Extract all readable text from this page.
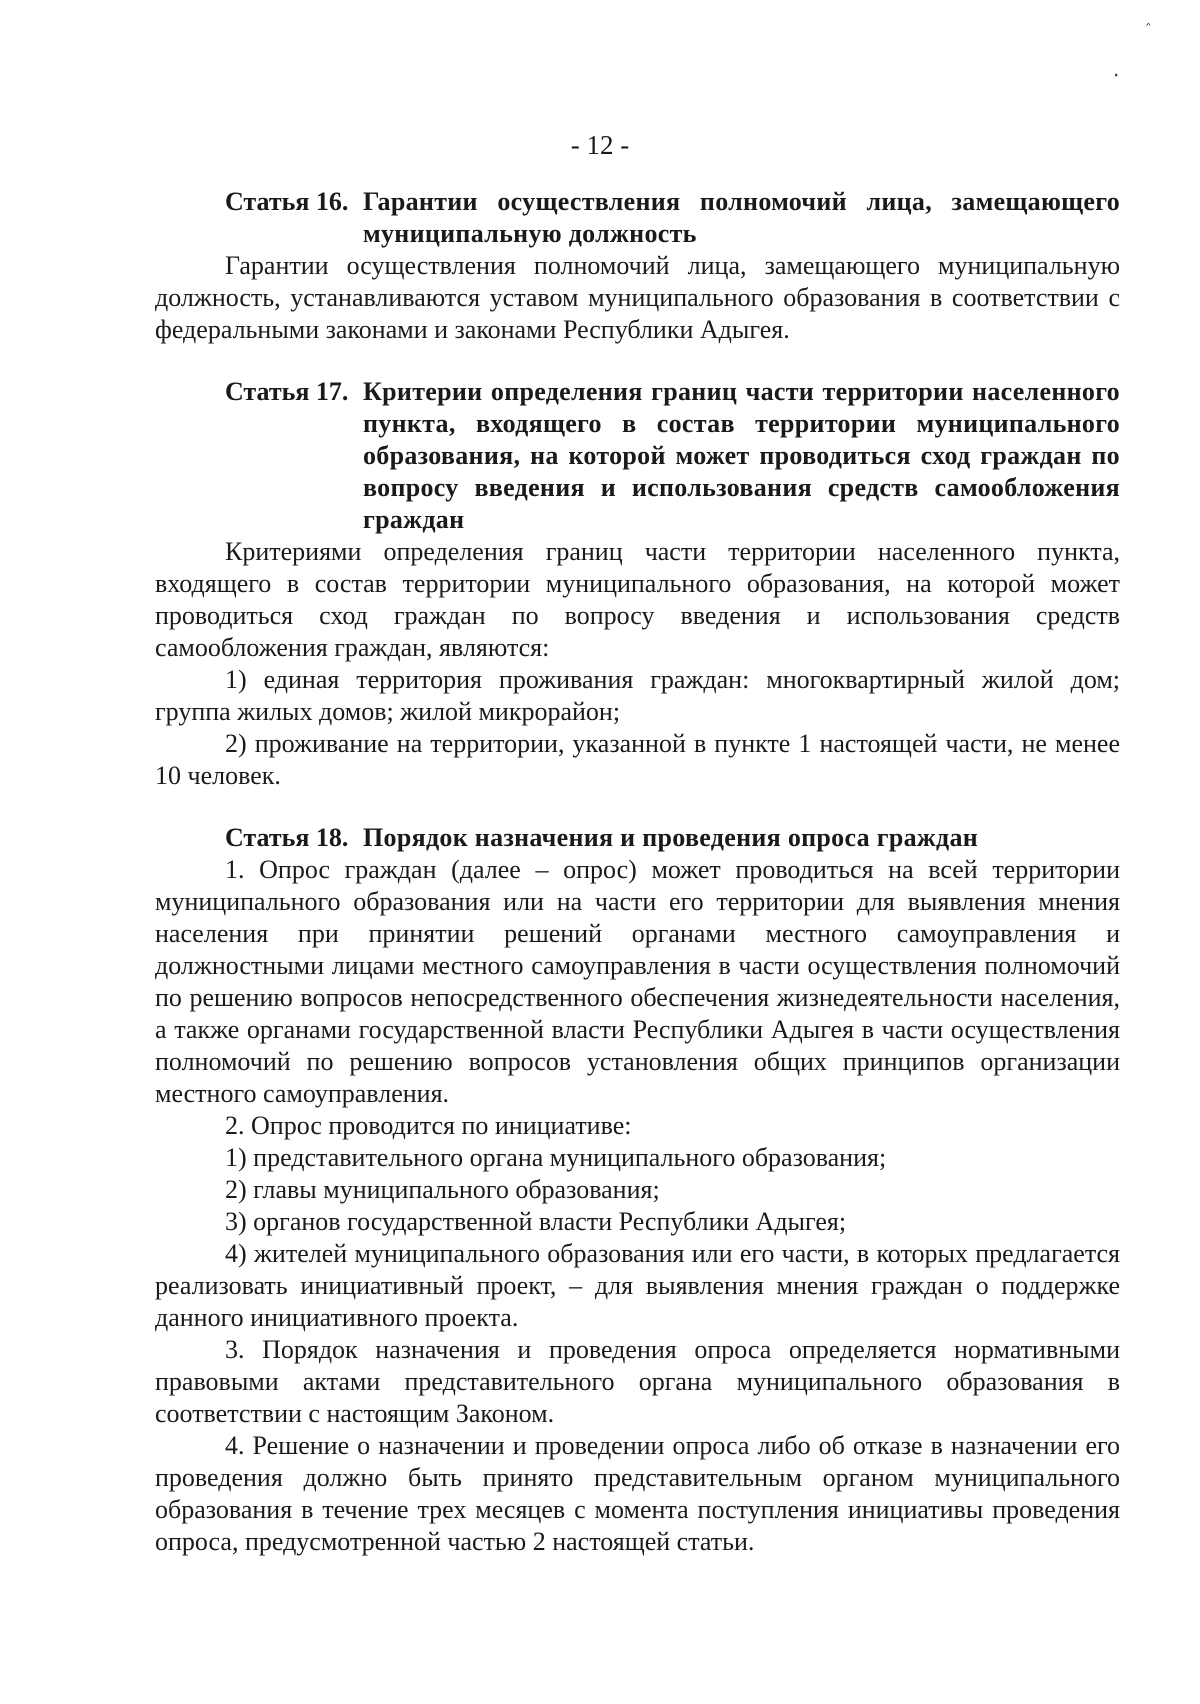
‸
ꞏ
- 12 -
Статья 16. Гарантии осуществления полномочий лица, замещающего муниципальную должность

Гарантии осуществления полномочий лица, замещающего муниципальную должность, устанавливаются уставом муниципального образования в соответствии с федеральными законами и законами Республики Адыгея.

Статья 17. Критерии определения границ части территории населенного пункта, входящего в состав территории муниципального образования, на которой может проводиться сход граждан по вопросу введения и использования средств самообложения граждан

Критериями определения границ части территории населенного пункта, входящего в состав территории муниципального образования, на которой может проводиться сход граждан по вопросу введения и использования средств самообложения граждан, являются:

1) единая территория проживания граждан: многоквартирный жилой дом; группа жилых домов; жилой микрорайон;

2) проживание на территории, указанной в пункте 1 настоящей части, не менее 10 человек.

Статья 18. Порядок назначения и проведения опроса граждан

1. Опрос граждан (далее – опрос) может проводиться на всей территории муниципального образования или на части его территории для выявления мнения населения при принятии решений органами местного самоуправления и должностными лицами местного самоуправления в части осуществления полномочий по решению вопросов непосредственного обеспечения жизнедеятельности населения, а также органами государственной власти Республики Адыгея в части осуществления полномочий по решению вопросов установления общих принципов организации местного самоуправления.

2. Опрос проводится по инициативе:

1) представительного органа муниципального образования;

2) главы муниципального образования;

3) органов государственной власти Республики Адыгея;

4) жителей муниципального образования или его части, в которых предлагается реализовать инициативный проект, – для выявления мнения граждан о поддержке данного инициативного проекта.

3. Порядок назначения и проведения опроса определяется нормативными правовыми актами представительного органа муниципального образования в соответствии с настоящим Законом.

4. Решение о назначении и проведении опроса либо об отказе в назначении его проведения должно быть принято представительным органом муниципального образования в течение трех месяцев с момента поступления инициативы проведения опроса, предусмотренной частью 2 настоящей статьи.
